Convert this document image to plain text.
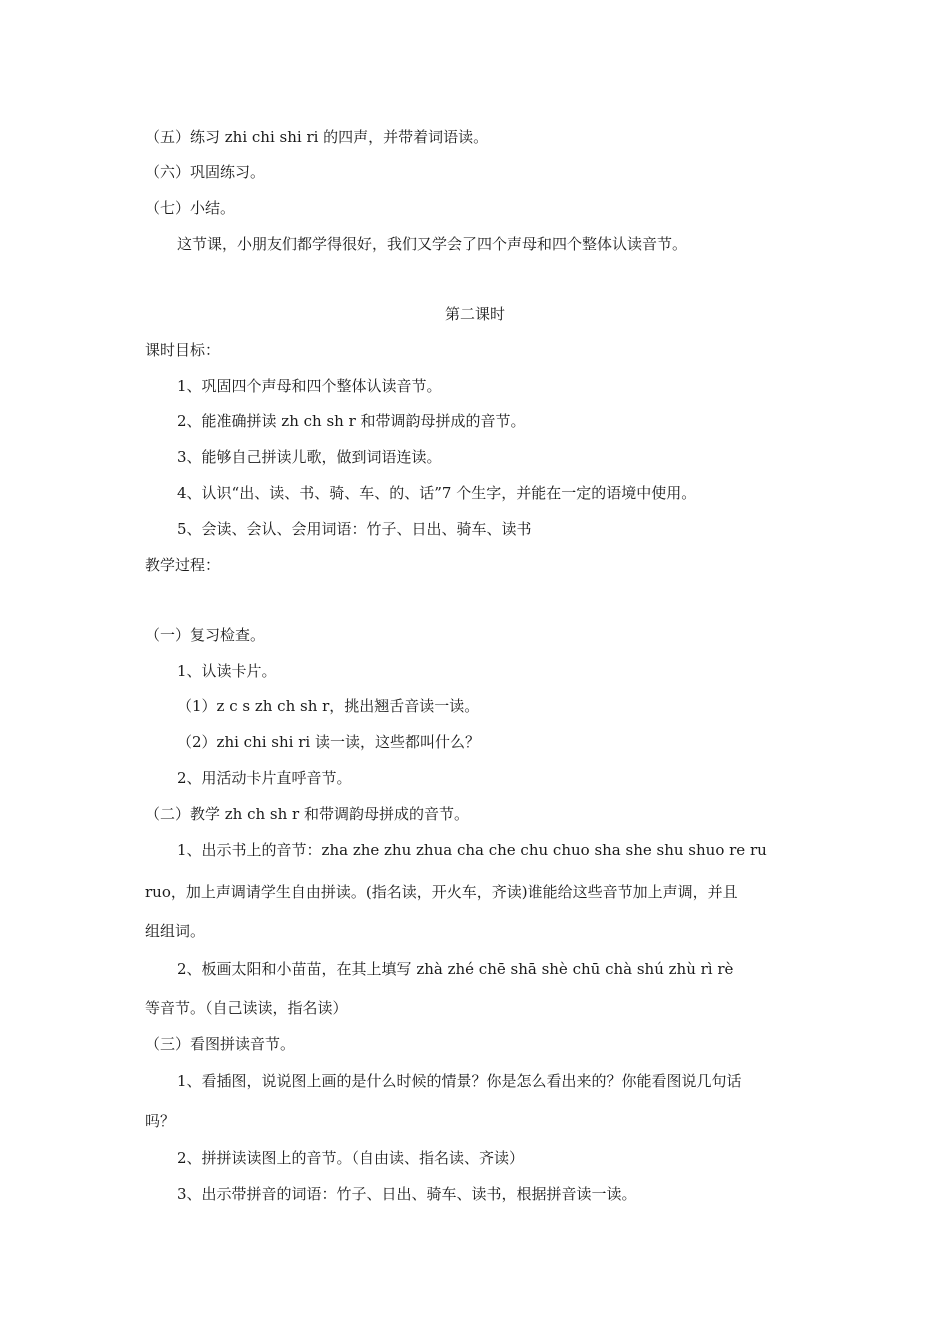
（五）练习 zhi chi shi ri 的四声，并带着词语读。
（六）巩固练习。
（七）小结。
这节课，小朋友们都学得很好，我们又学会了四个声母和四个整体认读音节。
第二课时
课时目标：
1、巩固四个声母和四个整体认读音节。
2、能准确拼读 zh ch sh r 和带调韵母拼成的音节。
3、能够自己拼读儿歌，做到词语连读。
4、认识“出、读、书、骑、车、的、话”7 个生字，并能在一定的语境中使用。
5、会读、会认、会用词语：竹子、日出、骑车、读书
教学过程：
（一）复习检查。
1、认读卡片。
（1）z c s zh ch sh r，挑出翘舌音读一读。
（2）zhi chi shi ri 读一读，这些都叫什么？
2、用活动卡片直呼音节。
（二）教学 zh ch sh r 和带调韵母拼成的音节。
1、出示书上的音节：zha zhe zhu zhua cha che chu chuo sha she shu shuo re ru
ruo，加上声调请学生自由拼读。(指名读，开火车，齐读)谁能给这些音节加上声调，并且
组组词。
2、板画太阳和小苗苗，在其上填写 zhà zhé chē shā shè chū chà shú zhù rì rè
等音节。（自己读读，指名读）
（三）看图拼读音节。
1、看插图，说说图上画的是什么时候的情景？你是怎么看出来的？你能看图说几句话
吗？
2、拼拼读读图上的音节。（自由读、指名读、齐读）
3、出示带拼音的词语：竹子、日出、骑车、读书，根据拼音读一读。
